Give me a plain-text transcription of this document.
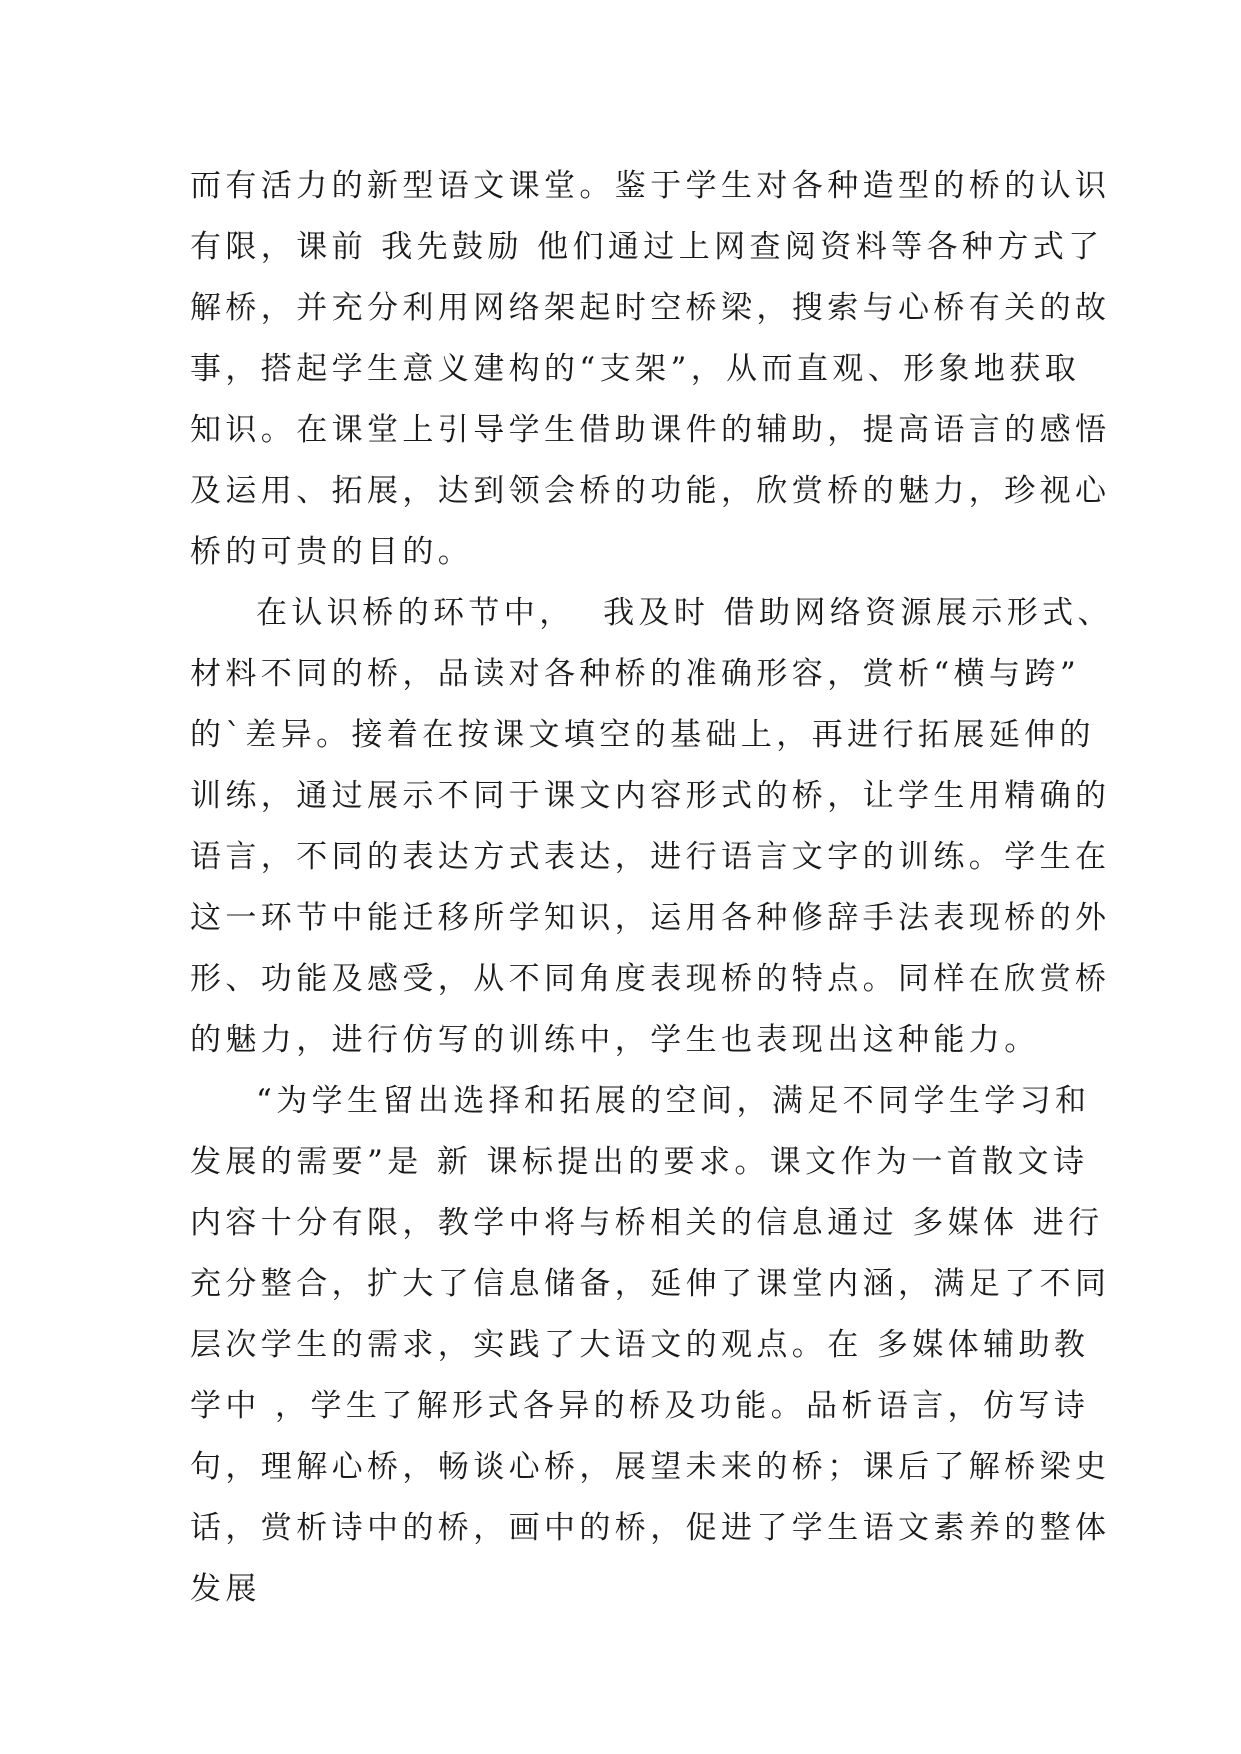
而有活力的新型语文课堂。鉴于学生对各种造型的桥的认识
有限，课前 我先鼓励 他们通过上网查阅资料等各种方式了
解桥，并充分利用网络架起时空桥梁，搜索与心桥有关的故
事，搭起学生意义建构的“支架”，从而直观、形象地获取
知识。在课堂上引导学生借助课件的辅助，提高语言的感悟
及运用、拓展，达到领会桥的功能，欣赏桥的魅力，珍视心
桥的可贵的目的。
在认识桥的环节中，  我及时 借助网络资源展示形式、
材料不同的桥，品读对各种桥的准确形容，赏析“横与跨”
的`差异。接着在按课文填空的基础上，再进行拓展延伸的
训练，通过展示不同于课文内容形式的桥，让学生用精确的
语言，不同的表达方式表达，进行语言文字的训练。学生在
这一环节中能迁移所学知识，运用各种修辞手法表现桥的外
形、功能及感受，从不同角度表现桥的特点。同样在欣赏桥
的魅力，进行仿写的训练中，学生也表现出这种能力。
“为学生留出选择和拓展的空间，满足不同学生学习和
发展的需要”是 新 课标提出的要求。课文作为一首散文诗
内容十分有限，教学中将与桥相关的信息通过 多媒体 进行
充分整合，扩大了信息储备，延伸了课堂内涵，满足了不同
层次学生的需求，实践了大语文的观点。在 多媒体辅助教
学中 ，学生了解形式各异的桥及功能。品析语言，仿写诗
句，理解心桥，畅谈心桥，展望未来的桥；课后了解桥梁史
话，赏析诗中的桥，画中的桥，促进了学生语文素养的整体
发展
